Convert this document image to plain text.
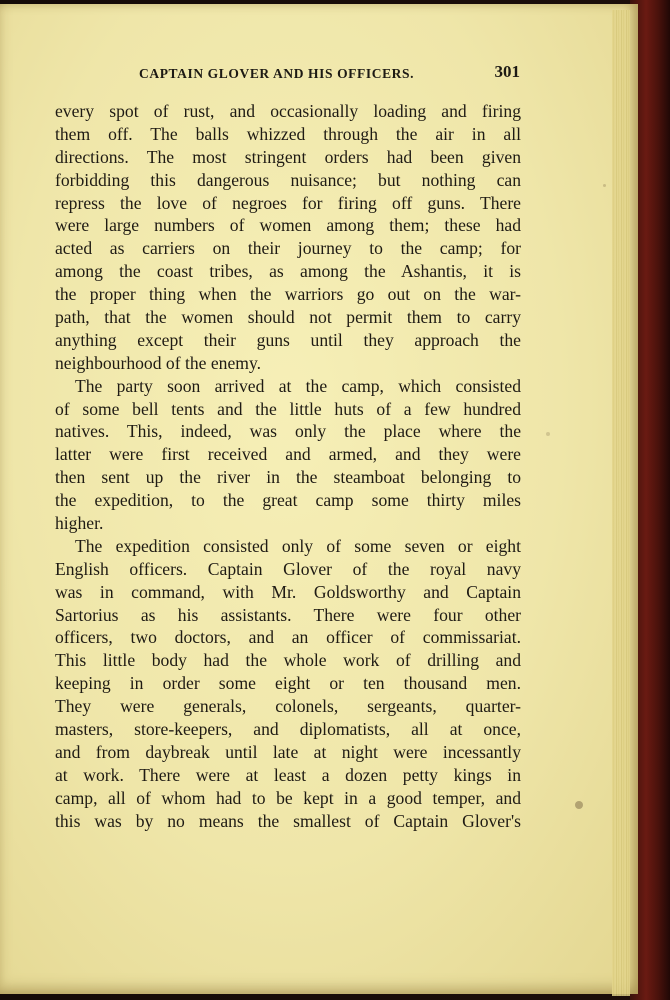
CAPTAIN GLOVER AND HIS OFFICERS.	301
every spot of rust, and occasionally loading and firing
them off. The balls whizzed through the air in all
directions. The most stringent orders had been given
forbidding this dangerous nuisance; but nothing can
repress the love of negroes for firing off guns. There
were large numbers of women among them; these had
acted as carriers on their journey to the camp; for
among the coast tribes, as among the Ashantis, it is
the proper thing when the warriors go out on the war-
path, that the women should not permit them to carry
anything except their guns until they approach the
neighbourhood of the enemy.
The party soon arrived at the camp, which consisted
of some bell tents and the little huts of a few hundred
natives. This, indeed, was only the place where the
latter were first received and armed, and they were
then sent up the river in the steamboat belonging to
the expedition, to the great camp some thirty miles
higher.
The expedition consisted only of some seven or eight
English officers. Captain Glover of the royal navy
was in command, with Mr. Goldsworthy and Captain
Sartorius as his assistants. There were four other
officers, two doctors, and an officer of commissariat.
This little body had the whole work of drilling and
keeping in order some eight or ten thousand men.
They were generals, colonels, sergeants, quarter-
masters, store-keepers, and diplomatists, all at once,
and from daybreak until late at night were incessantly
at work. There were at least a dozen petty kings in
camp, all of whom had to be kept in a good temper, and
this was by no means the smallest of Captain Glover's
